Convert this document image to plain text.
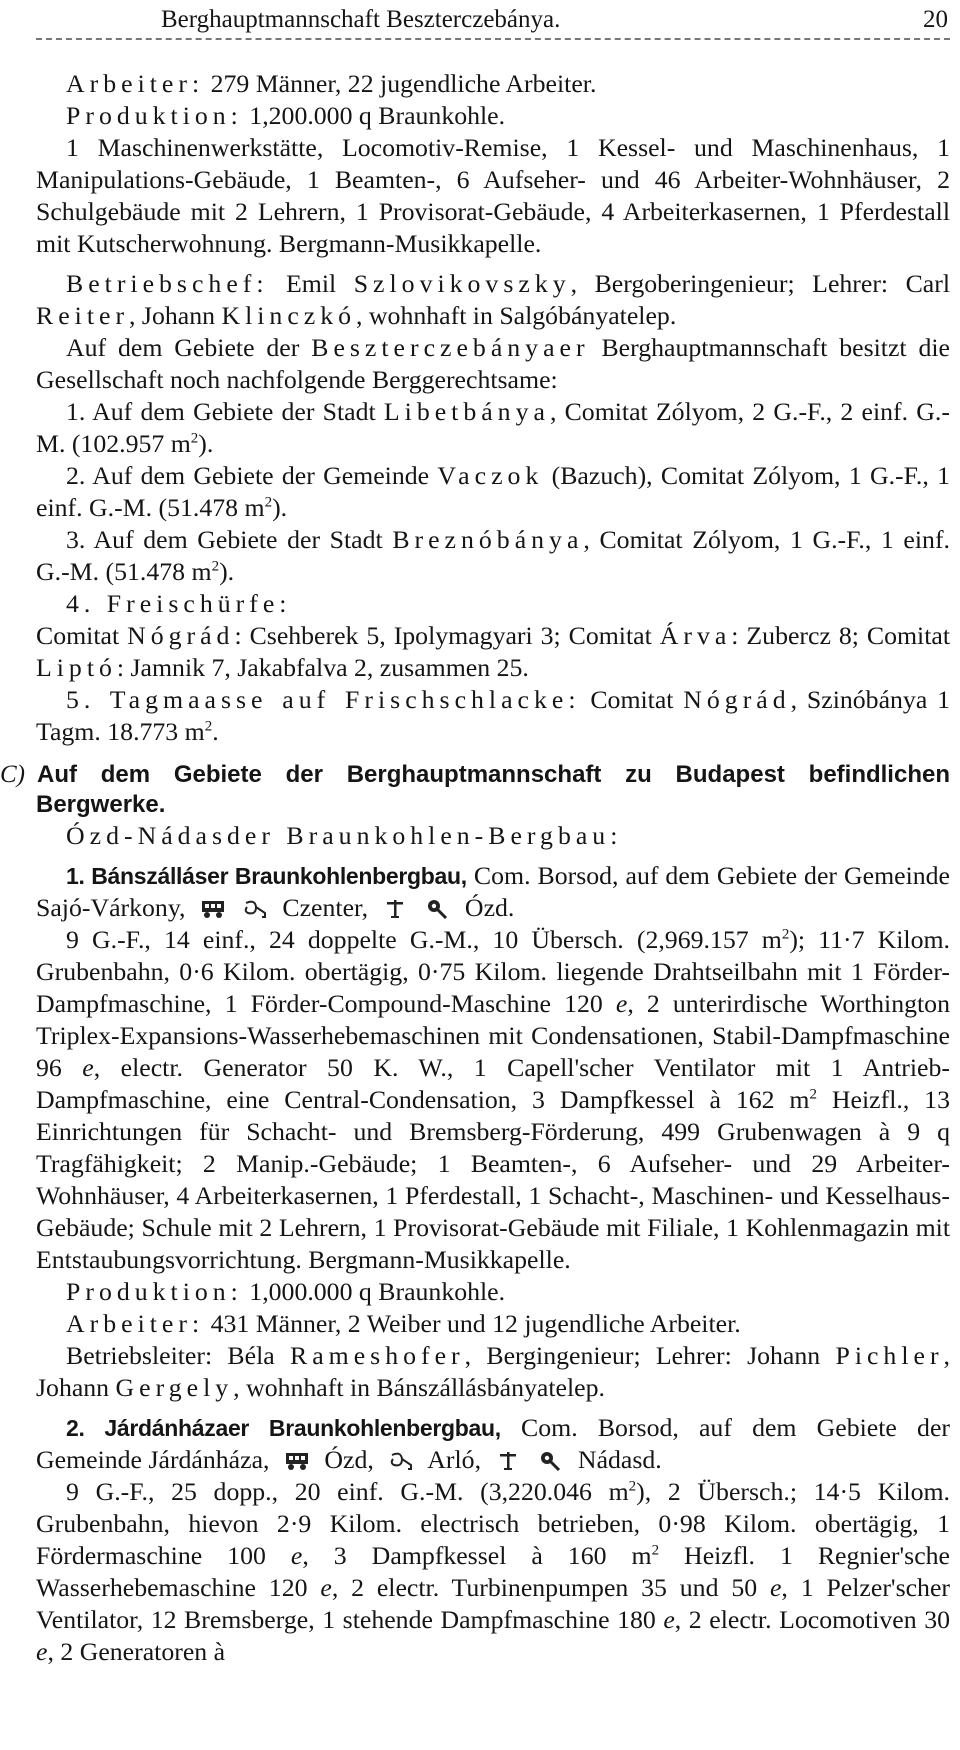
Berghauptmannschaft Beszterczebánya.	20

Arbeiter: 279 Männer, 22 jugendliche Arbeiter.

Produktion: 1,200.000 q Braunkohle.

1 Maschinenwerkstätte, Locomotiv-Remise, 1 Kessel- und Maschinenhaus, 1 Manipulations-Gebäude, 1 Beamten-, 6 Aufseher- und 46 Arbeiter-Wohnhäuser, 2 Schulgebäude mit 2 Lehrern, 1 Provisorat-Gebäude, 4 Arbeiterkasernen, 1 Pferdestall mit Kutscherwohnung. Bergmann-Musikkapelle.

Betriebschef: Emil Szlovikovszky, Bergoberingenieur; Lehrer: Carl Reiter, Johann Klinczkó, wohnhaft in Salgóbányatelep.

Auf dem Gebiete der Beszterczebányaer Berghauptmannschaft besitzt die Gesellschaft noch nachfolgende Berggerechtsame:

1. Auf dem Gebiete der Stadt Libetbánya, Comitat Zólyom, 2 G.-F., 2 einf. G.-M. (102.957 $m^2$).

2. Auf dem Gebiete der Gemeinde Vaczok (Bazuch), Comitat Zólyom, 1 G.-F., 1 einf. G.-M. (51.478 $m^2$).

3. Auf dem Gebiete der Stadt Breznóbánya, Comitat Zólyom, 1 G.-F., 1 einf. G.-M. (51.478 $m^2$).

4. Freischürfe:

Comitat Nógrád: Csehberek 5, Ipolymagyari 3; Comitat Árva: Zubercz 8; Comitat Liptó: Jamnik 7, Jakabfalva 2, zusammen 25.

5. Tagmaasse auf Frischschlacke: Comitat Nógrád, Szinóbánya 1 Tagm. 18.773 $m^2$.

C) Auf dem Gebiete der Berghauptmannschaft zu Budapest befindlichen Bergwerke.

Ózd-Nádasder Braunkohlen-Bergbau:

1. Bánszálláser Braunkohlenbergbau, Com. Borsod, auf dem Gebiete der Gemeinde Sajó-Várkony,	Czenter,	Ózd.

9 G.-F., 14 einf., 24 doppelte G.-M., 10 Übersch. (2,969.157 $m^2$); 11·7 Kilom. Grubenbahn, 0·6 Kilom. obertägig, 0·75 Kilom. liegende Drahtseilbahn mit 1 Förder-Dampfmaschine, 1 Förder-Compound-Maschine 120 e, 2 unterirdische Worthington Triplex-Expansions-Wasserhebemaschinen mit Condensationen, Stabil-Dampfmaschine 96 e, electr. Generator 50 K. W., 1 Capell'scher Ventilator mit 1 Antrieb-Dampfmaschine, eine Central-Condensation, 3 Dampfkessel à 162 $m^2$ Heizfl., 13 Einrichtungen für Schacht- und Bremsberg-Förderung, 499 Grubenwagen à 9 q Tragfähigkeit; 2 Manip.-Gebäude; 1 Beamten-, 6 Aufseher- und 29 Arbeiter-Wohnhäuser, 4 Arbeiterkasernen, 1 Pferdestall, 1 Schacht-, Maschinen- und Kesselhaus-Gebäude; Schule mit 2 Lehrern, 1 Provisorat-Gebäude mit Filiale, 1 Kohlenmagazin mit Entstaubungsvorrichtung. Bergmann-Musikkapelle.

Produktion: 1,000.000 q Braunkohle.

Arbeiter: 431 Männer, 2 Weiber und 12 jugendliche Arbeiter.

Betriebsleiter: Béla Rameshofer, Bergingenieur; Lehrer: Johann Pichler, Johann Gergely, wohnhaft in Bánszállásbányatelep.

2. Járdánházaer Braunkohlenbergbau, Com. Borsod, auf dem Gebiete der Gemeinde Járdánháza,
Ózd,
Arló,	Nádasd.

9 G.-F., 25 dopp., 20 einf. G.-M. (3,220.046 $m^2$), 2 Übersch.; 14·5 Kilom. Grubenbahn, hievon 2·9 Kilom. electrisch betrieben, 0·98 Kilom. obertägig, 1 Fördermaschine 100 e, 3 Dampfkessel à 160 $m^2$ Heizfl. 1 Regnier'sche Wasserhebemaschine 120 e, 2 electr. Turbinenpumpen 35 und 50 e, 1 Pelzer'scher Ventilator, 12 Bremsberge, 1 stehende Dampfmaschine 180 e, 2 electr. Locomotiven 30 e, 2 Generatoren à
